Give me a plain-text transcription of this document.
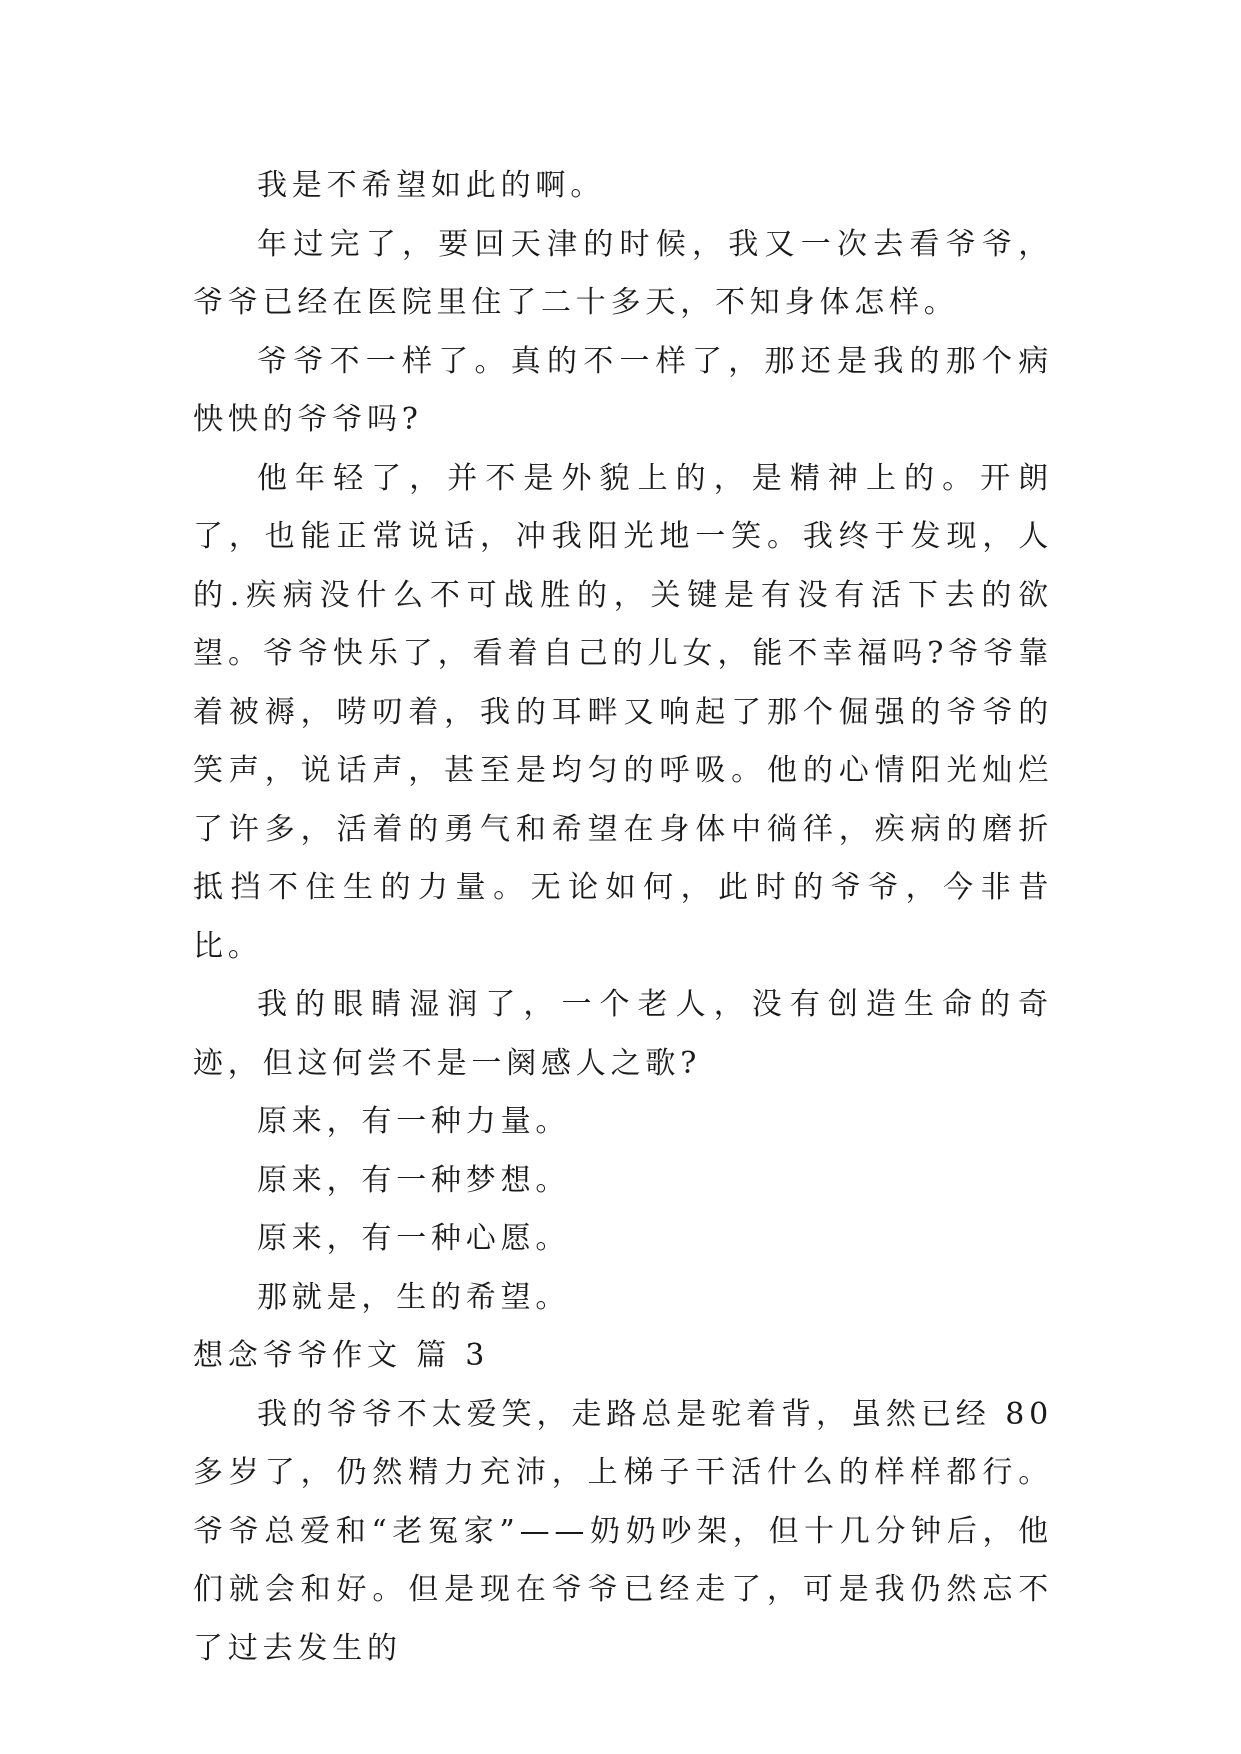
我是不希望如此的啊。

年过完了，要回天津的时候，我又一次去看爷爷，爷爷已经在医院里住了二十多天，不知身体怎样。

爷爷不一样了。真的不一样了，那还是我的那个病怏怏的爷爷吗?

他年轻了，并不是外貌上的，是精神上的。开朗了，也能正常说话，冲我阳光地一笑。我终于发现，人的.疾病没什么不可战胜的，关键是有没有活下去的欲望。爷爷快乐了，看着自己的儿女，能不幸福吗?爷爷靠着被褥，唠叨着，我的耳畔又响起了那个倔强的爷爷的笑声，说话声，甚至是均匀的呼吸。他的心情阳光灿烂了许多，活着的勇气和希望在身体中徜徉，疾病的磨折抵挡不住生的力量。无论如何，此时的爷爷，今非昔比。

我的眼睛湿润了，一个老人，没有创造生命的奇迹，但这何尝不是一阕感人之歌?

原来，有一种力量。

原来，有一种梦想。

原来，有一种心愿。

那就是，生的希望。

想念爷爷作文 篇 3

我的爷爷不太爱笑，走路总是驼着背，虽然已经 80 多岁了，仍然精力充沛，上梯子干活什么的样样都行。爷爷总爱和“老冤家”——奶奶吵架，但十几分钟后，他们就会和好。但是现在爷爷已经走了，可是我仍然忘不了过去发生的
